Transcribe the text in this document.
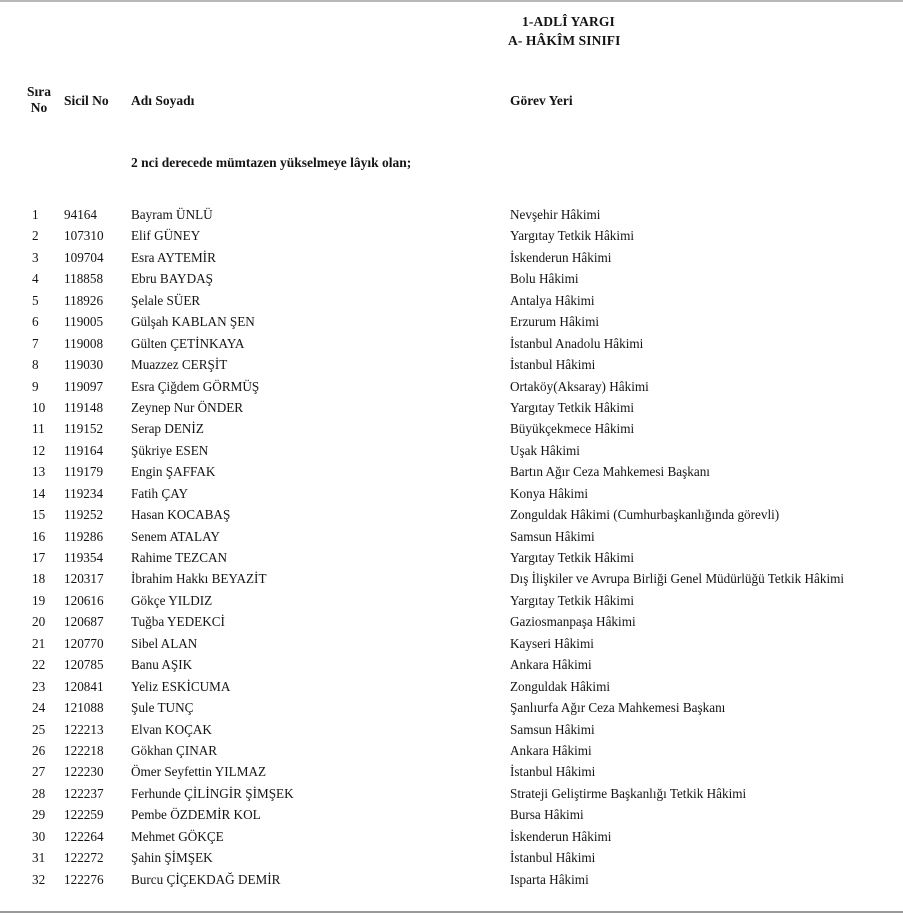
1-ADLÎ YARGI
A- HÂKÎM SINIFI
Sıra
No	Sicil No Adı Soyadı	Görev Yeri
2 nci derecede mümtazen yükselmeye lâyık olan;
1 94164	Bayram ÜNLÜ	Nevşehir Hâkimi
2 107310 Elif GÜNEY	Yargıtay Tetkik Hâkimi
3 109704 Esra AYTEMİR	İskenderun Hâkimi
4 118858 Ebru BAYDAŞ	Bolu Hâkimi
5 118926 Şelale SÜER	Antalya Hâkimi
6 119005 Gülşah KABLAN ŞEN	Erzurum Hâkimi
7 119008 Gülten ÇETİNKAYA	İstanbul Anadolu Hâkimi
8 119030 Muazzez CERŞİT	İstanbul Hâkimi
9 119097 Esra Çiğdem GÖRMÜŞ	Ortaköy(Aksaray) Hâkimi
10 119148 Zeynep Nur ÖNDER	Yargıtay Tetkik Hâkimi
11 119152 Serap DENİZ	Büyükçekmece Hâkimi
12 119164 Şükriye ESEN	Uşak Hâkimi
13 119179 Engin ŞAFFAK	Bartın Ağır Ceza Mahkemesi Başkanı
14 119234 Fatih ÇAY	Konya Hâkimi
15 119252 Hasan KOCABAŞ	Zonguldak Hâkimi (Cumhurbaşkanlığında görevli)
16 119286 Senem ATALAY	Samsun Hâkimi
17 119354 Rahime TEZCAN	Yargıtay Tetkik Hâkimi
18 120317 İbrahim Hakkı BEYAZİT	Dış İlişkiler ve Avrupa Birliği Genel Müdürlüğü Tetkik Hâkimi
19 120616 Gökçe YILDIZ	Yargıtay Tetkik Hâkimi
20 120687 Tuğba YEDEKCİ	Gaziosmanpaşa Hâkimi
21 120770 Sibel ALAN	Kayseri Hâkimi
22 120785 Banu AŞIK	Ankara Hâkimi
23 120841 Yeliz ESKİCUMA	Zonguldak Hâkimi
24 121088 Şule TUNÇ	Şanlıurfa Ağır Ceza Mahkemesi Başkanı
25 122213 Elvan KOÇAK	Samsun Hâkimi
26 122218 Gökhan ÇINAR	Ankara Hâkimi
27 122230 Ömer Seyfettin YILMAZ	İstanbul Hâkimi
28 122237 Ferhunde ÇİLİNGİR ŞİMŞEK	Strateji Geliştirme Başkanlığı Tetkik Hâkimi
29 122259 Pembe ÖZDEMİR KOL	Bursa Hâkimi
30 122264 Mehmet GÖKÇE	İskenderun Hâkimi
31 122272 Şahin ŞİMŞEK	İstanbul Hâkimi
32 122276 Burcu ÇİÇEKDAĞ DEMİR	Isparta Hâkimi
